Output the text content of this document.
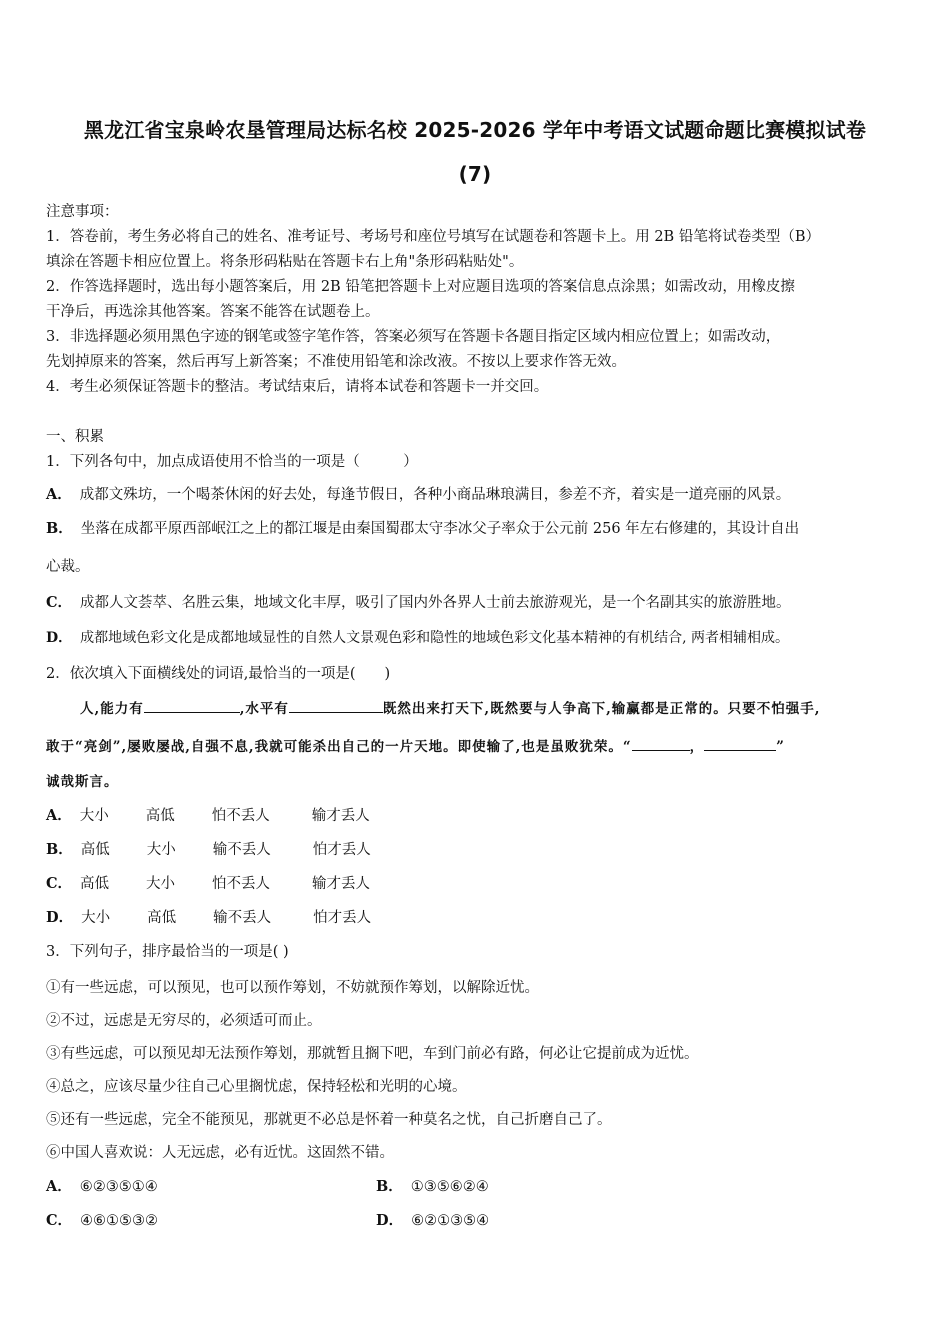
黑龙江省宝泉岭农垦管理局达标名校 2025-2026 学年中考语文试题命题比赛模拟试卷
(7)
注意事项：
1．答卷前，考生务必将自己的姓名、准考证号、考场号和座位号填写在试题卷和答题卡上。用 2B 铅笔将试卷类型（B）
填涂在答题卡相应位置上。将条形码粘贴在答题卡右上角"条形码粘贴处"。
2．作答选择题时，选出每小题答案后，用 2B 铅笔把答题卡上对应题目选项的答案信息点涂黑；如需改动，用橡皮擦
干净后，再选涂其他答案。答案不能答在试题卷上。
3．非选择题必须用黑色字迹的钢笔或签字笔作答，答案必须写在答题卡各题目指定区域内相应位置上；如需改动，
先划掉原来的答案，然后再写上新答案；不准使用铅笔和涂改液。不按以上要求作答无效。
4．考生必须保证答题卡的整洁。考试结束后，请将本试卷和答题卡一并交回。
一、积累
1．下列各句中，加点成语使用不恰当的一项是（　　　）
A． 成都文殊坊，一个喝茶休闲的好去处，每逢节假日，各种小商品琳琅满目，参差不齐，着实是一道亮丽的风景。
B． 坐落在成都平原西部岷江之上的都江堰是由秦国蜀郡太守李冰父子率众于公元前 256 年左右修建的，其设计自出
心裁。
C． 成都人文荟萃、名胜云集，地域文化丰厚，吸引了国内外各界人士前去旅游观光，是一个名副其实的旅游胜地。
D． 成都地域色彩文化是成都地域显性的自然人文景观色彩和隐性的地域色彩文化基本精神的有机结合, 两者相辅相成。
2．依次填入下面横线处的词语,最恰当的一项是(　　)
人,能力有	,水平有	既然出来打天下,既然要与人争高下,输赢都是正常的。只要不怕强手,
敢于“亮剑”,屡败屡战,自强不息,我就可能杀出自己的一片天地。即使输了,也是虽败犹荣。“	，	”
诚哉斯言。
A． 大小	高低	怕不丢人	输才丢人
B． 高低	大小	输不丢人	怕才丢人
C． 高低	大小	怕不丢人	输才丢人
D． 大小	高低	输不丢人	怕才丢人
3．下列句子，排序最恰当的一项是( )
①有一些远虑，可以预见，也可以预作筹划，不妨就预作筹划，以解除近忧。
②不过，远虑是无穷尽的，必须适可而止。
③有些远虑，可以预见却无法预作筹划，那就暂且搁下吧，车到门前必有路，何必让它提前成为近忧。
④总之，应该尽量少往自己心里搁忧虑，保持轻松和光明的心境。
⑤还有一些远虑，完全不能预见，那就更不必总是怀着一种莫名之忧，自己折磨自己了。
⑥中国人喜欢说：人无远虑，必有近忧。这固然不错。
A． ⑥②③⑤①④	B． ①③⑤⑥②④
C． ④⑥①⑤③②	D． ⑥②①③⑤④
